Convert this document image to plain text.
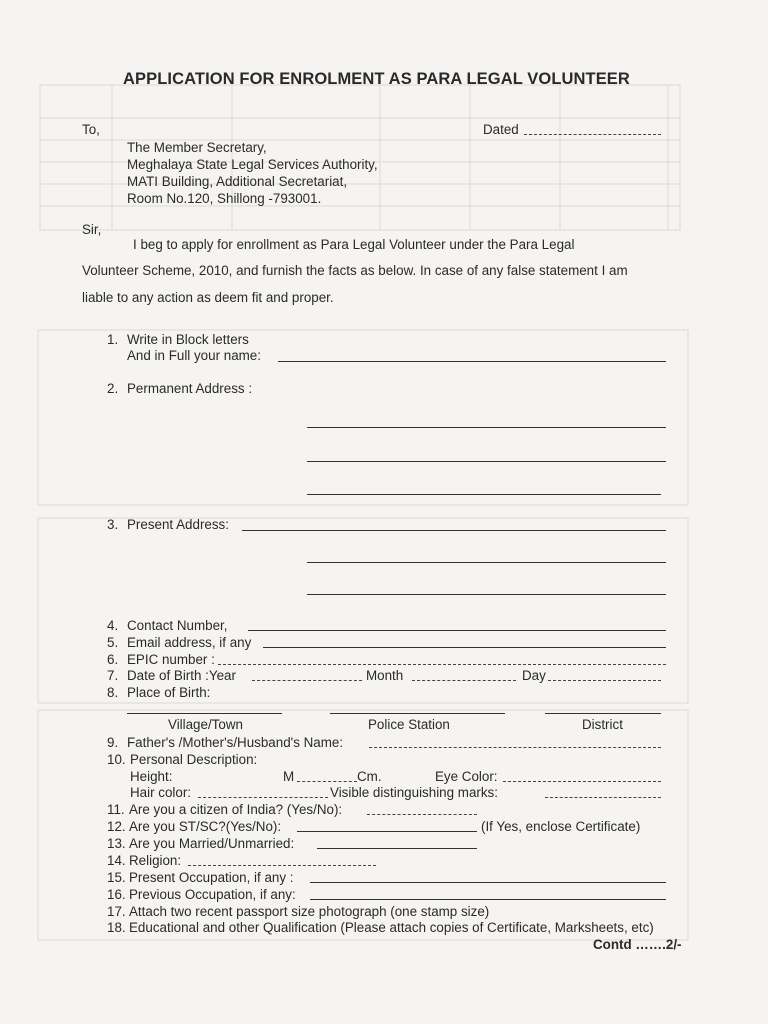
APPLICATION FOR ENROLMENT AS PARA LEGAL VOLUNTEER
To,	Dated
The Member Secretary,
Meghalaya State Legal Services Authority,
MATI Building, Additional Secretariat,
Room No.120, Shillong -793001.
Sir,
I beg to apply for enrollment as Para Legal Volunteer under the Para Legal
Volunteer Scheme, 2010, and furnish the facts as below. In case of any false statement I am
liable to any action as deem fit and proper.
1. Write in Block letters
And in Full your name:
2. Permanent Address :
3. Present Address:
4. Contact Number,
5. Email address, if any
6. EPIC number :
7. Date of Birth :Year	Month	Day
8. Place of Birth:
Village/Town	Police Station	District
9. Father's /Mother's/Husband's Name:
10. Personal Description:
Height:	M	Cm.	Eye Color:
Hair color:	Visible distinguishing marks:
11. Are you a citizen of India? (Yes/No):
12. Are you ST/SC?(Yes/No):	(If Yes, enclose Certificate)
13. Are you Married/Unmarried:
14. Religion:
15. Present Occupation, if any :
16. Previous Occupation, if any:
17. Attach two recent passport size photograph (one stamp size)
18. Educational and other Qualification (Please attach copies of Certificate, Marksheets, etc)
Contd …….2/-
